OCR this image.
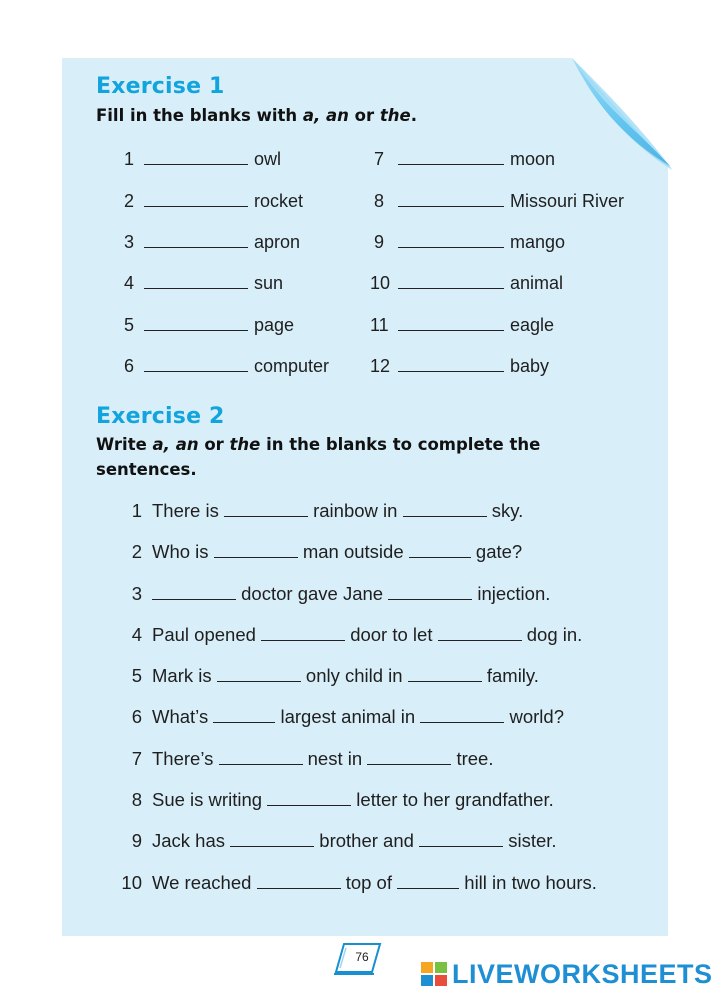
Exercise 1

Fill in the blanks with a, an or the.

1	owl
2	rocket
3	apron
4	sun
5	page
6	computer
7	moon
8	Missouri River
9	mango
10	animal
11	eagle
12	baby
Exercise 2

Write a, an or the in the blanks to complete the sentences.

1 There is	rainbow in	sky.
2 Who is	man outside	gate?
3	doctor gave Jane	injection.
4 Paul opened	door to let	dog in.
5 Mark is	only child in	family.
6 What’s	largest animal in	world?
7 There’s	nest in	tree.
8 Sue is writing	letter to her grandfather.
9 Jack has	brother and	sister.
10 We reached	top of	hill in two hours.
76
LIVEWORKSHEETS
